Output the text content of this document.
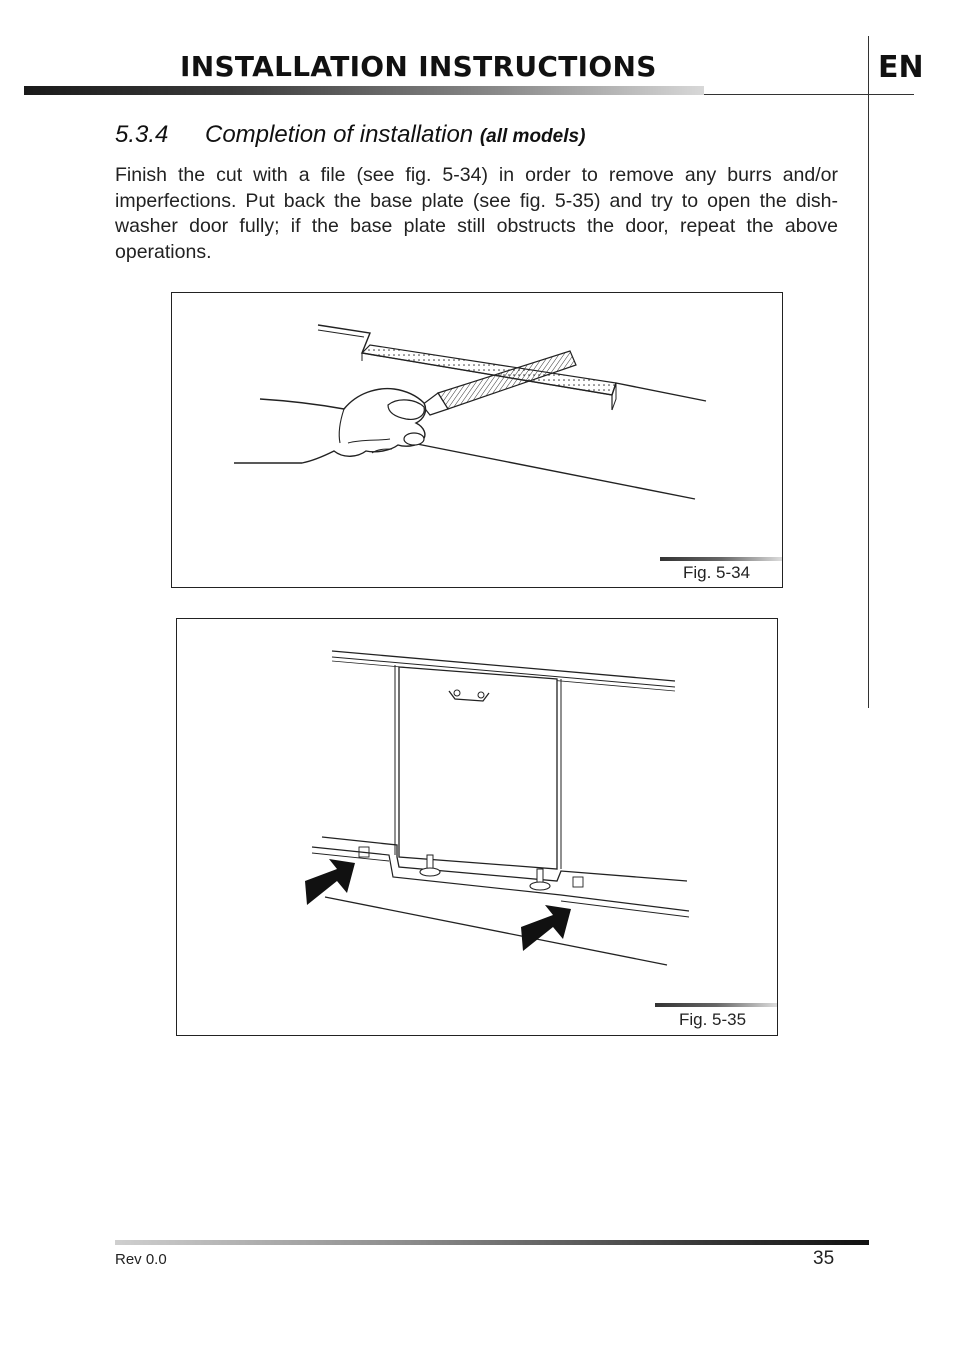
INSTALLATION INSTRUCTIONS	EN
5.3.4 Completion of installation (all models)
Finish the cut with a file (see fig. 5-34) in order to remove any burrs and/or imperfections. Put back the base plate (see fig. 5-35) and try to open the dish-washer door fully; if the base plate still obstructs the door, repeat the above operations.
Fig. 5-34
Fig. 5-35
Rev 0.0	35
